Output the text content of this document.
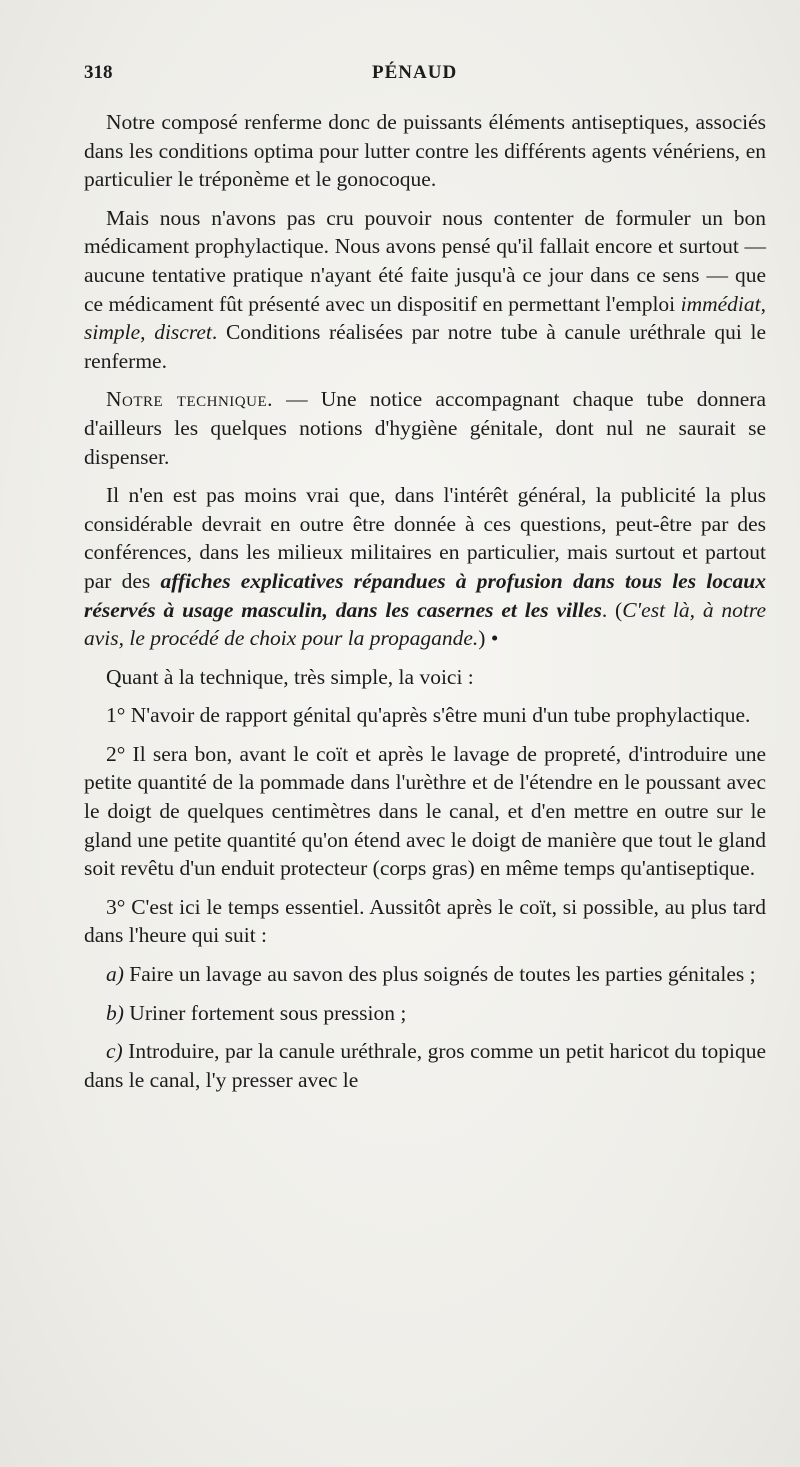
318	PÉNAUD

Notre composé renferme donc de puissants éléments antiseptiques, associés dans les conditions optima pour lutter contre les différents agents vénériens, en particulier le tréponème et le gonocoque.

Mais nous n'avons pas cru pouvoir nous contenter de formuler un bon médicament prophylactique. Nous avons pensé qu'il fallait encore et surtout — aucune tentative pratique n'ayant été faite jusqu'à ce jour dans ce sens — que ce médicament fût présenté avec un dispositif en permettant l'emploi immédiat, simple, discret. Conditions réalisées par notre tube à canule uréthrale qui le renferme.

Notre technique. — Une notice accompagnant chaque tube donnera d'ailleurs les quelques notions d'hygiène génitale, dont nul ne saurait se dispenser.

Il n'en est pas moins vrai que, dans l'intérêt général, la publicité la plus considérable devrait en outre être donnée à ces questions, peut-être par des conférences, dans les milieux militaires en particulier, mais surtout et partout par des affiches explicatives répandues à profusion dans tous les locaux réservés à usage masculin, dans les casernes et les villes. (C'est là, à notre avis, le procédé de choix pour la propagande.) •

Quant à la technique, très simple, la voici :

1° N'avoir de rapport génital qu'après s'être muni d'un tube prophylactique.

2° Il sera bon, avant le coït et après le lavage de propreté, d'introduire une petite quantité de la pommade dans l'urèthre et de l'étendre en le poussant avec le doigt de quelques centimètres dans le canal, et d'en mettre en outre sur le gland une petite quantité qu'on étend avec le doigt de manière que tout le gland soit revêtu d'un enduit protecteur (corps gras) en même temps qu'antiseptique.

3° C'est ici le temps essentiel. Aussitôt après le coït, si possible, au plus tard dans l'heure qui suit :

a) Faire un lavage au savon des plus soignés de toutes les parties génitales ;

b) Uriner fortement sous pression ;

c) Introduire, par la canule uréthrale, gros comme un petit haricot du topique dans le canal, l'y presser avec le
